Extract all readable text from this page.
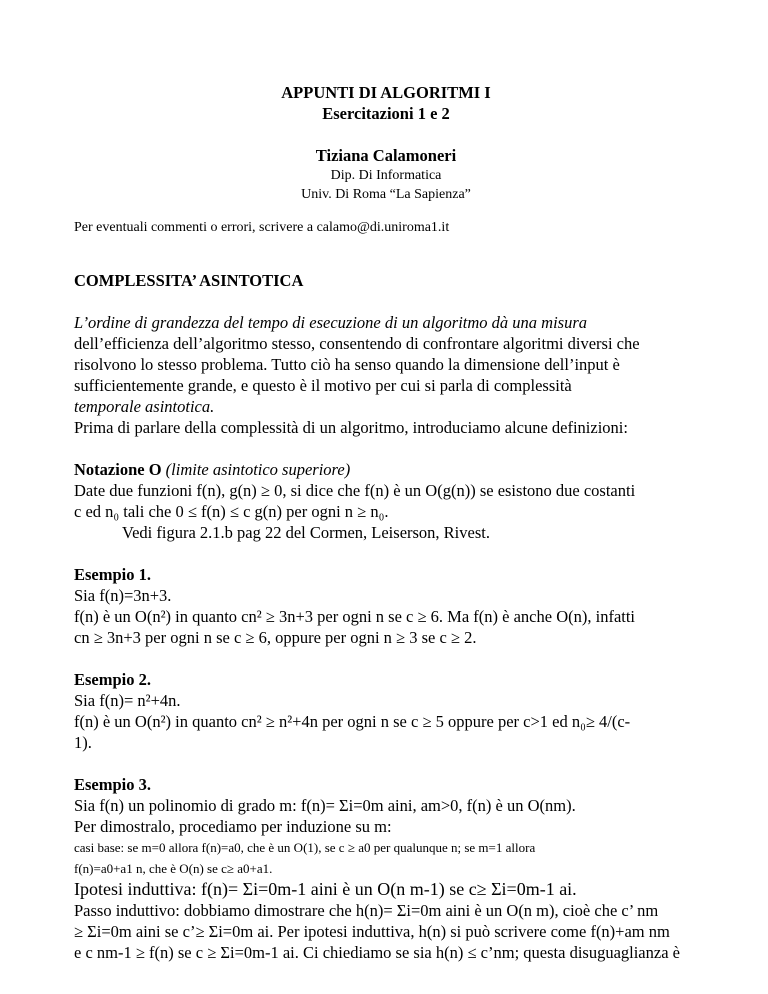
APPUNTI DI ALGORITMI I

Esercitazioni 1 e 2

Tiziana Calamoneri

Dip. Di Informatica

Univ. Di Roma “La Sapienza”

Per eventuali commenti o errori, scrivere a calamo@di.uniroma1.it

COMPLESSITA’ ASINTOTICA

L’ordine di grandezza del tempo di esecuzione di un algoritmo dà una misura

dell’efficienza dell’algoritmo stesso, consentendo di confrontare algoritmi diversi che

risolvono lo stesso problema. Tutto ciò ha senso quando la dimensione dell’input è

sufficientemente grande, e questo è il motivo per cui si parla di complessità

temporale asintotica.

Prima di parlare della complessità di un algoritmo, introduciamo alcune definizioni:

Notazione O (limite asintotico superiore)

Date due funzioni f(n), g(n) ≥ 0, si dice che f(n) è un O(g(n)) se esistono due costanti

c ed n₀ tali che 0 ≤ f(n) ≤ c g(n) per ogni n ≥ n₀.

Vedi figura 2.1.b pag 22 del Cormen, Leiserson, Rivest.

Esempio 1.

Sia f(n)=3n+3.

f(n) è un O(n²) in quanto cn² ≥ 3n+3 per ogni n se c ≥ 6. Ma f(n) è anche O(n), infatti

cn ≥ 3n+3 per ogni n se c ≥ 6, oppure per ogni n ≥ 3 se c ≥ 2.

Esempio 2.

Sia f(n)= n²+4n.

f(n) è un O(n²) in quanto cn² ≥ n²+4n per ogni n se c ≥ 5 oppure per c>1 ed n₀≥ 4/(c-

1).

Esempio 3.

Sia f(n) un polinomio di grado m: f(n)= Σi=0m aini, am>0, f(n) è un O(nm).

Per dimostralo, procediamo per induzione su m:

casi base: se m=0 allora f(n)=a0, che è un O(1), se c ≥ a0 per qualunque n; se m=1 allora

f(n)=a0+a1 n, che è O(n) se c≥ a0+a1.

Ipotesi induttiva: f(n)= Σi=0m-1 aini è un O(n m-1) se c≥ Σi=0m-1 ai.

Passo induttivo: dobbiamo dimostrare che h(n)= Σi=0m aini è un O(n m), cioè che c’ nm

≥ Σi=0m aini se c’≥ Σi=0m ai. Per ipotesi induttiva, h(n) si può scrivere come f(n)+am nm

e c nm-1 ≥ f(n) se c ≥ Σi=0m-1 ai. Ci chiediamo se sia h(n) ≤ c’nm; questa disuguaglianza è
